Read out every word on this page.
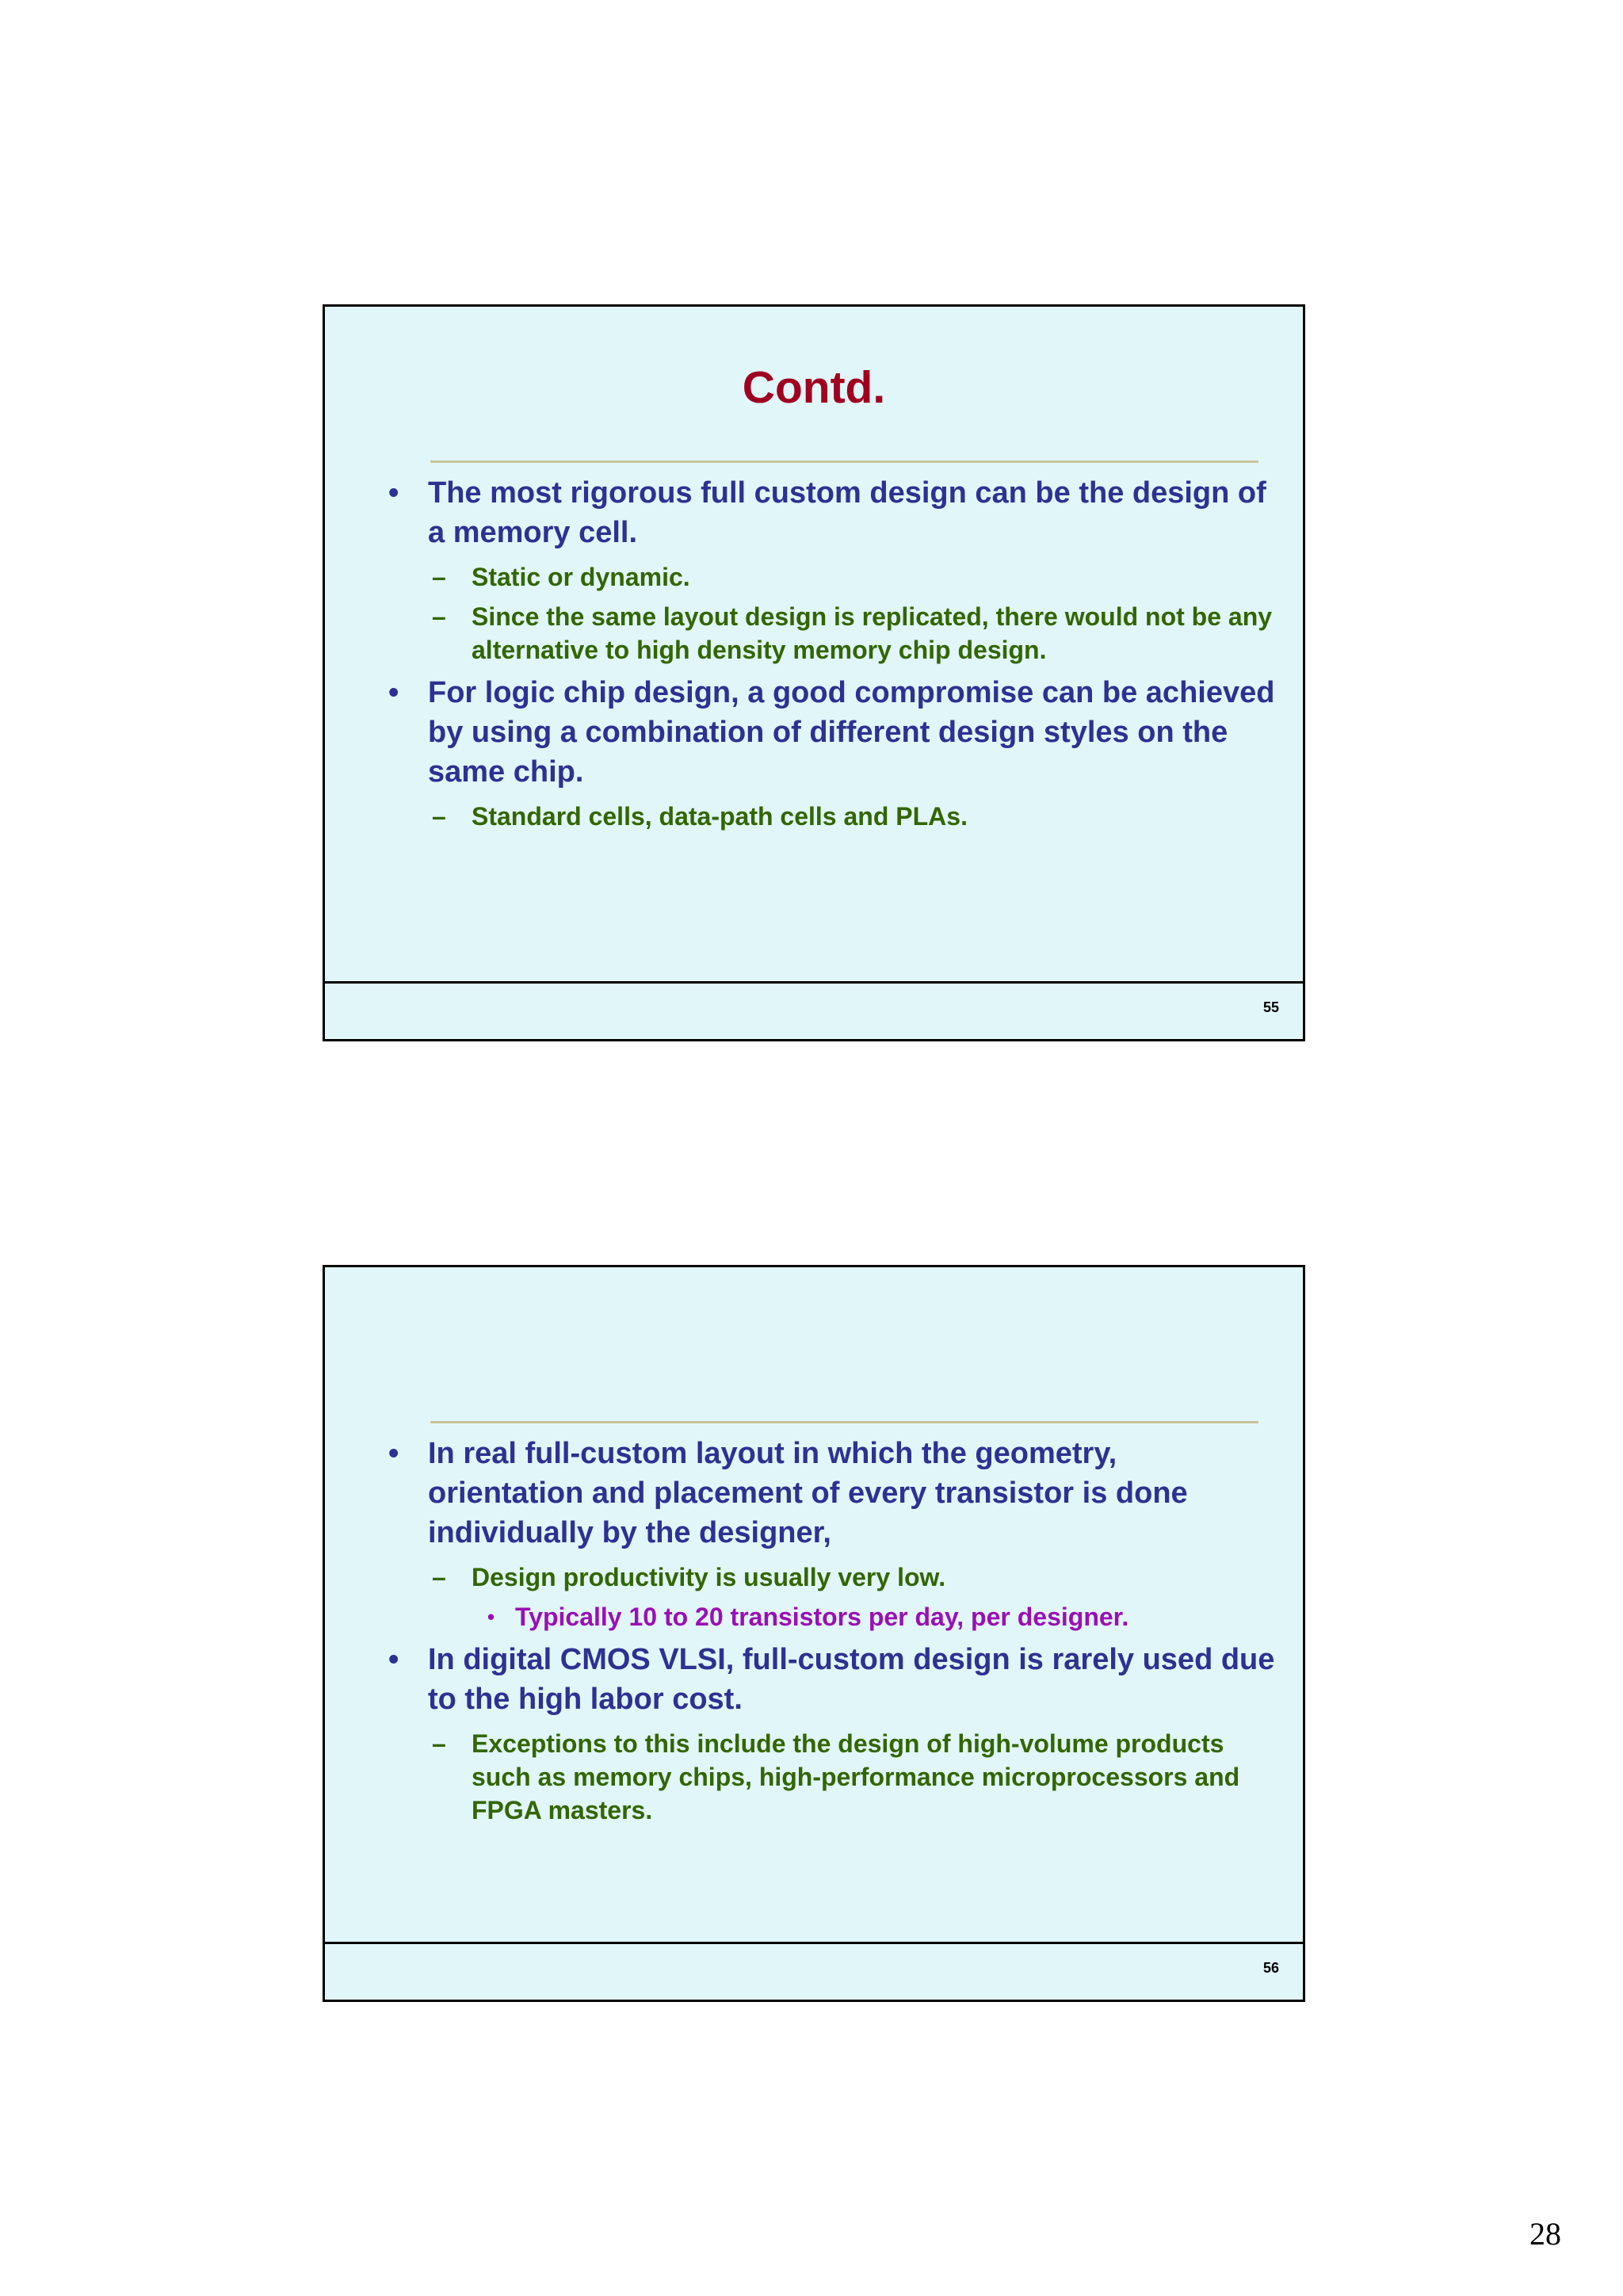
Contd.
• The most rigorous full custom design can be the design of a memory cell.
– Static or dynamic.
– Since the same layout design is replicated, there would not be any alternative to high density memory chip design.
• For logic chip design, a good compromise can be achieved by using a combination of different design styles on the same chip.
– Standard cells, data-path cells and PLAs.
55
• In real full-custom layout in which the geometry, orientation and placement of every transistor is done individually by the designer,
– Design productivity is usually very low.
• Typically 10 to 20 transistors per day, per designer.
• In digital CMOS VLSI, full-custom design is rarely used due to the high labor cost.
– Exceptions to this include the design of high-volume products such as memory chips, high-performance microprocessors and FPGA masters.
56
28
